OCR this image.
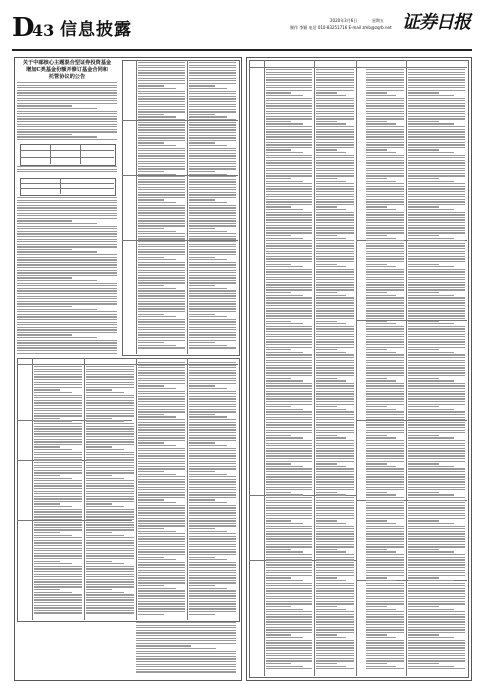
D
43 信息披露	2020年3月6日	星期五
制作 李颖 电话 010-83251716 E-mail zmb@zqrb.net 证券日报
关于中邮核心主题混合型证券投资基金
增加C类基金份额并修订基金合同和
托管协议的公告
